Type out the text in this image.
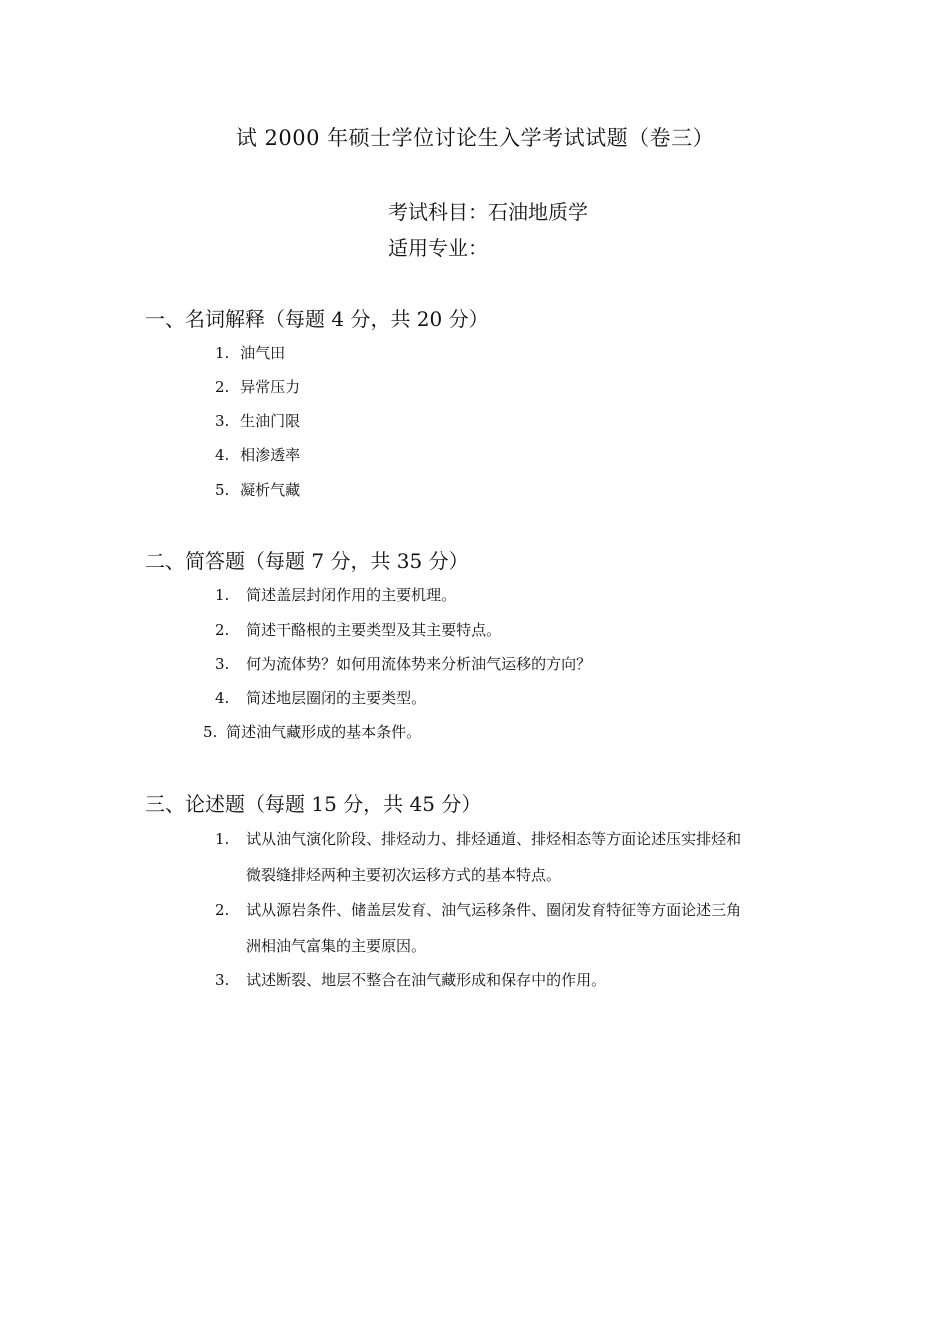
试 2000 年硕士学位讨论生入学考试试题（卷三）
考试科目：石油地质学
适用专业：
一、名词解释（每题 4 分，共 20 分）
1. 油气田
2. 异常压力
3. 生油门限
4. 相渗透率
5. 凝析气藏
二、简答题（每题 7 分，共 35 分）
1. 简述盖层封闭作用的主要机理。
2. 简述干酪根的主要类型及其主要特点。
3. 何为流体势？如何用流体势来分析油气运移的方向？
4. 简述地层圈闭的主要类型。
5. 简述油气藏形成的基本条件。
三、论述题（每题 15 分，共 45 分）
1. 试从油气演化阶段、排烃动力、排烃通道、排烃相态等方面论述压实排烃和
微裂缝排烃两种主要初次运移方式的基本特点。
2. 试从源岩条件、储盖层发育、油气运移条件、圈闭发育特征等方面论述三角
洲相油气富集的主要原因。
3. 试述断裂、地层不整合在油气藏形成和保存中的作用。
